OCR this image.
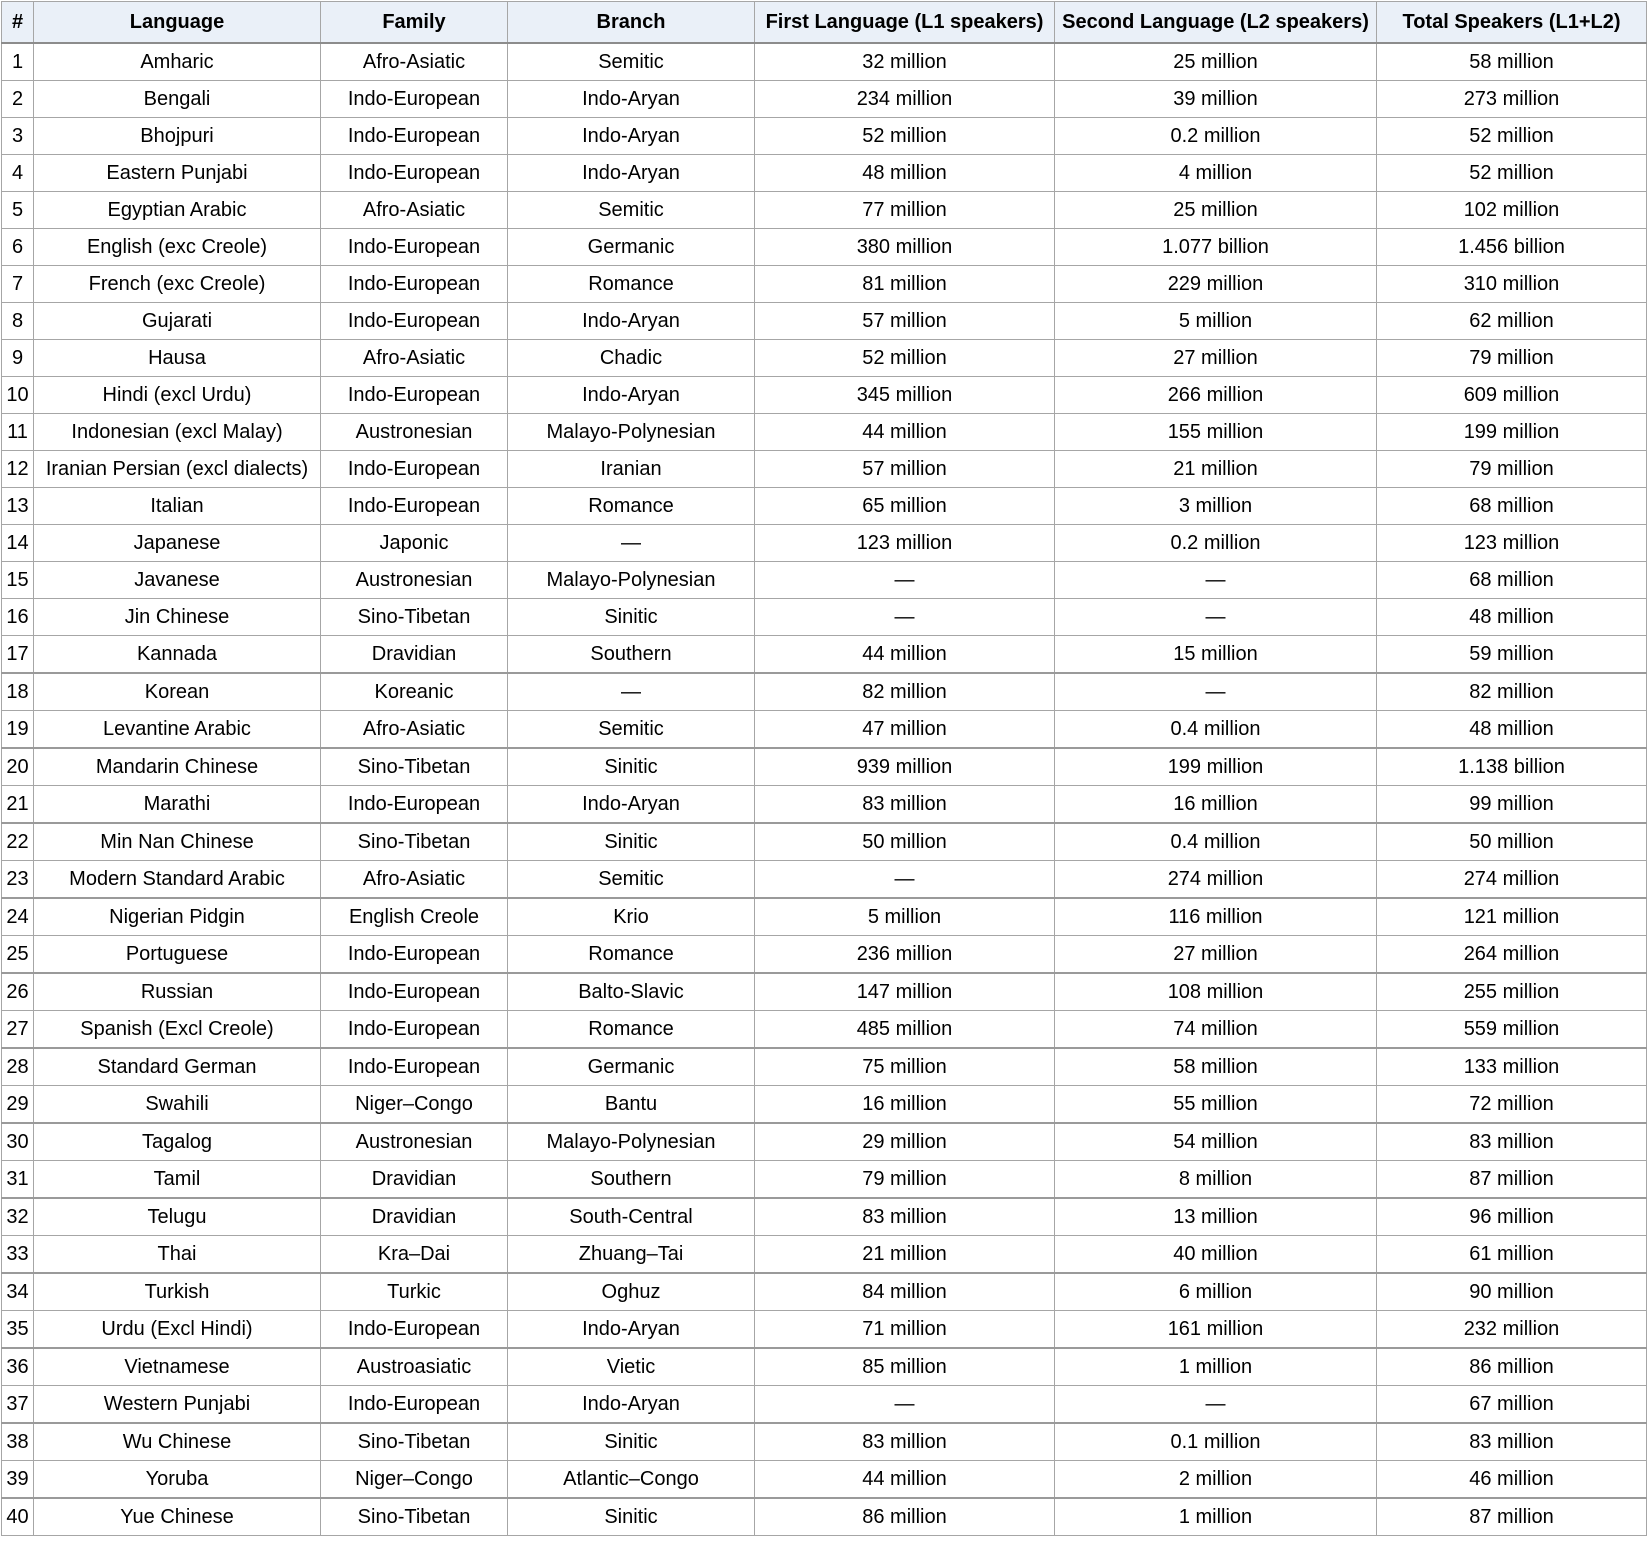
#	Language	Family	Branch	First Language (L1 speakers)	Second Language (L2 speakers)	Total Speakers (L1+L2)
1	Amharic	Afro-Asiatic	Semitic	32 million	25 million	58 million
2	Bengali	Indo-European	Indo-Aryan	234 million	39 million	273 million
3	Bhojpuri	Indo-European	Indo-Aryan	52 million	0.2 million	52 million
4	Eastern Punjabi	Indo-European	Indo-Aryan	48 million	4 million	52 million
5	Egyptian Arabic	Afro-Asiatic	Semitic	77 million	25 million	102 million
6	English (exc Creole)	Indo-European	Germanic	380 million	1.077 billion	1.456 billion
7	French (exc Creole)	Indo-European	Romance	81 million	229 million	310 million
8	Gujarati	Indo-European	Indo-Aryan	57 million	5 million	62 million
9	Hausa	Afro-Asiatic	Chadic	52 million	27 million	79 million
10	Hindi (excl Urdu)	Indo-European	Indo-Aryan	345 million	266 million	609 million
11	Indonesian (excl Malay)	Austronesian	Malayo-Polynesian	44 million	155 million	199 million
12	Iranian Persian (excl dialects)	Indo-European	Iranian	57 million	21 million	79 million
13	Italian	Indo-European	Romance	65 million	3 million	68 million
14	Japanese	Japonic	—	123 million	0.2 million	123 million
15	Javanese	Austronesian	Malayo-Polynesian	—	—	68 million
16	Jin Chinese	Sino-Tibetan	Sinitic	—	—	48 million
17	Kannada	Dravidian	Southern	44 million	15 million	59 million
18	Korean	Koreanic	—	82 million	—	82 million
19	Levantine Arabic	Afro-Asiatic	Semitic	47 million	0.4 million	48 million
20	Mandarin Chinese	Sino-Tibetan	Sinitic	939 million	199 million	1.138 billion
21	Marathi	Indo-European	Indo-Aryan	83 million	16 million	99 million
22	Min Nan Chinese	Sino-Tibetan	Sinitic	50 million	0.4 million	50 million
23	Modern Standard Arabic	Afro-Asiatic	Semitic	—	274 million	274 million
24	Nigerian Pidgin	English Creole	Krio	5 million	116 million	121 million
25	Portuguese	Indo-European	Romance	236 million	27 million	264 million
26	Russian	Indo-European	Balto-Slavic	147 million	108 million	255 million
27	Spanish (Excl Creole)	Indo-European	Romance	485 million	74 million	559 million
28	Standard German	Indo-European	Germanic	75 million	58 million	133 million
29	Swahili	Niger–Congo	Bantu	16 million	55 million	72 million
30	Tagalog	Austronesian	Malayo-Polynesian	29 million	54 million	83 million
31	Tamil	Dravidian	Southern	79 million	8 million	87 million
32	Telugu	Dravidian	South-Central	83 million	13 million	96 million
33	Thai	Kra–Dai	Zhuang–Tai	21 million	40 million	61 million
34	Turkish	Turkic	Oghuz	84 million	6 million	90 million
35	Urdu (Excl Hindi)	Indo-European	Indo-Aryan	71 million	161 million	232 million
36	Vietnamese	Austroasiatic	Vietic	85 million	1 million	86 million
37	Western Punjabi	Indo-European	Indo-Aryan	—	—	67 million
38	Wu Chinese	Sino-Tibetan	Sinitic	83 million	0.1 million	83 million
39	Yoruba	Niger–Congo	Atlantic–Congo	44 million	2 million	46 million
40	Yue Chinese	Sino-Tibetan	Sinitic	86 million	1 million	87 million
